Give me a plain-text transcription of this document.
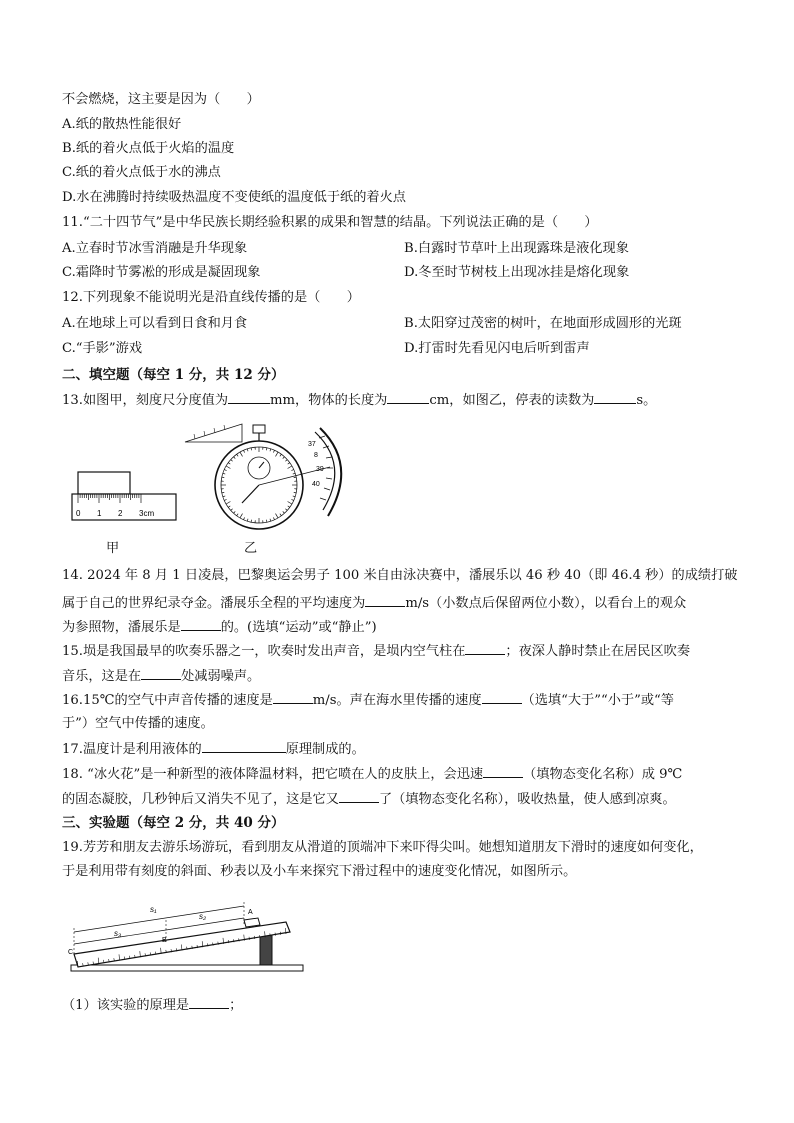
不会燃烧，这主要是因为（　　）
A.纸的散热性能很好
B.纸的着火点低于火焰的温度
C.纸的着火点低于水的沸点
D.水在沸腾时持续吸热温度不变使纸的温度低于纸的着火点
11.“二十四节气”是中华民族长期经验积累的成果和智慧的结晶。下列说法正确的是（　　）
A.立春时节冰雪消融是升华现象	B.白露时节草叶上出现露珠是液化现象
C.霜降时节雾凇的形成是凝固现象	D.冬至时节树枝上出现冰挂是熔化现象
12.下列现象不能说明光是沿直线传播的是（　　）
A.在地球上可以看到日食和月食	B.太阳穿过茂密的树叶，在地面形成圆形的光斑
C.“手影”游戏	D.打雷时先看见闪电后听到雷声
二、填空题（每空 1 分，共 12 分）
13.如图甲，刻度尺分度值为	mm，物体的长度为	cm，如图乙，停表的读数为	s。
0 1 2 3cm
甲
37
8
39
40
乙
14. 2024 年 8 月 1 日凌晨，巴黎奥运会男子 100 米自由泳决赛中，潘展乐以 46 秒 40（即 46.4 秒）的成绩打破
属于自己的世界纪录夺金。潘展乐全程的平均速度为	m/s（小数点后保留两位小数），以看台上的观众
为参照物，潘展乐是	的。(选填“运动”或“静止”)
15.埙是我国最早的吹奏乐器之一，吹奏时发出声音，是埙内空气柱在	；夜深人静时禁止在居民区吹奏
音乐，这是在	处减弱噪声。
16.15℃的空气中声音传播的速度是	m/s。声在海水里传播的速度	（选填“大于”“小于”或“等
于”）空气中传播的速度。
17.温度计是利用液体的	原理制成的。
18. “冰火花”是一种新型的液体降温材料，把它喷在人的皮肤上，会迅速	（填物态变化名称）成 9℃
的固态凝胶，几秒钟后又消失不见了，这是它又	了（填物态变化名称），吸收热量，使人感到凉爽。
三、实验题（每空 2 分，共 40 分）
19.芳芳和朋友去游乐场游玩，看到朋友从滑道的顶端冲下来吓得尖叫。她想知道朋友下滑时的速度如何变化，
于是利用带有刻度的斜面、秒表以及小车来探究下滑过程中的速度变化情况，如图所示。
s₁
s₂
s₃
A
B
C
（1）该实验的原理是	；
